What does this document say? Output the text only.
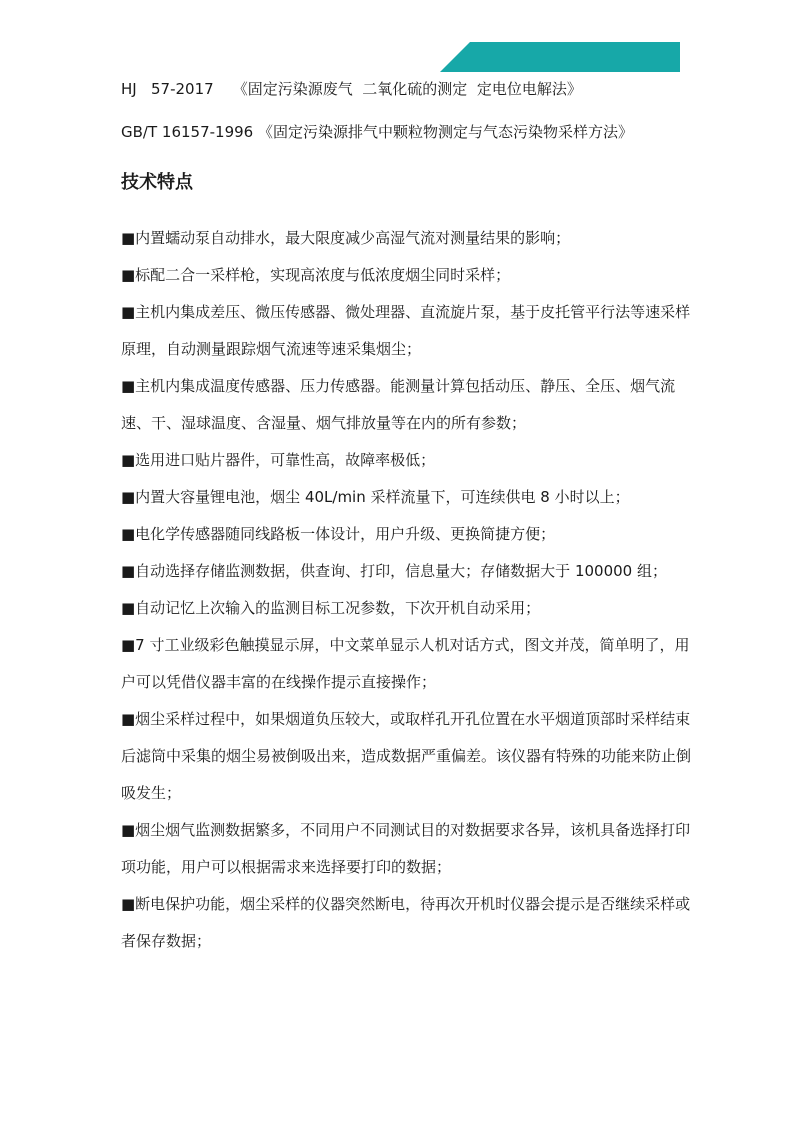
HJ   57-2017    《固定污染源废气  二氧化硫的测定  定电位电解法》
GB/T 16157-1996 《固定污染源排气中颗粒物测定与气态污染物采样方法》
技术特点
■内置蠕动泵自动排水，最大限度减少高湿气流对测量结果的影响；
■标配二合一采样枪，实现高浓度与低浓度烟尘同时采样；
■主机内集成差压、微压传感器、微处理器、直流旋片泵，基于皮托管平行法等速采样原理，自动测量跟踪烟气流速等速采集烟尘；
■主机内集成温度传感器、压力传感器。能测量计算包括动压、静压、全压、烟气流速、干、湿球温度、含湿量、烟气排放量等在内的所有参数；
■选用进口贴片器件，可靠性高，故障率极低；
■内置大容量锂电池，烟尘 40L/min 采样流量下，可连续供电 8 小时以上；
■电化学传感器随同线路板一体设计，用户升级、更换简捷方便；
■自动选择存储监测数据，供查询、打印，信息量大；存储数据大于 100000 组；
■自动记忆上次输入的监测目标工况参数，下次开机自动采用；
■7 寸工业级彩色触摸显示屏，中文菜单显示人机对话方式，图文并茂，简单明了，用户可以凭借仪器丰富的在线操作提示直接操作；
■烟尘采样过程中，如果烟道负压较大，或取样孔开孔位置在水平烟道顶部时采样结束后滤筒中采集的烟尘易被倒吸出来，造成数据严重偏差。该仪器有特殊的功能来防止倒吸发生；
■烟尘烟气监测数据繁多，不同用户不同测试目的对数据要求各异，该机具备选择打印项功能，用户可以根据需求来选择要打印的数据；
■断电保护功能，烟尘采样的仪器突然断电，待再次开机时仪器会提示是否继续采样或者保存数据；
